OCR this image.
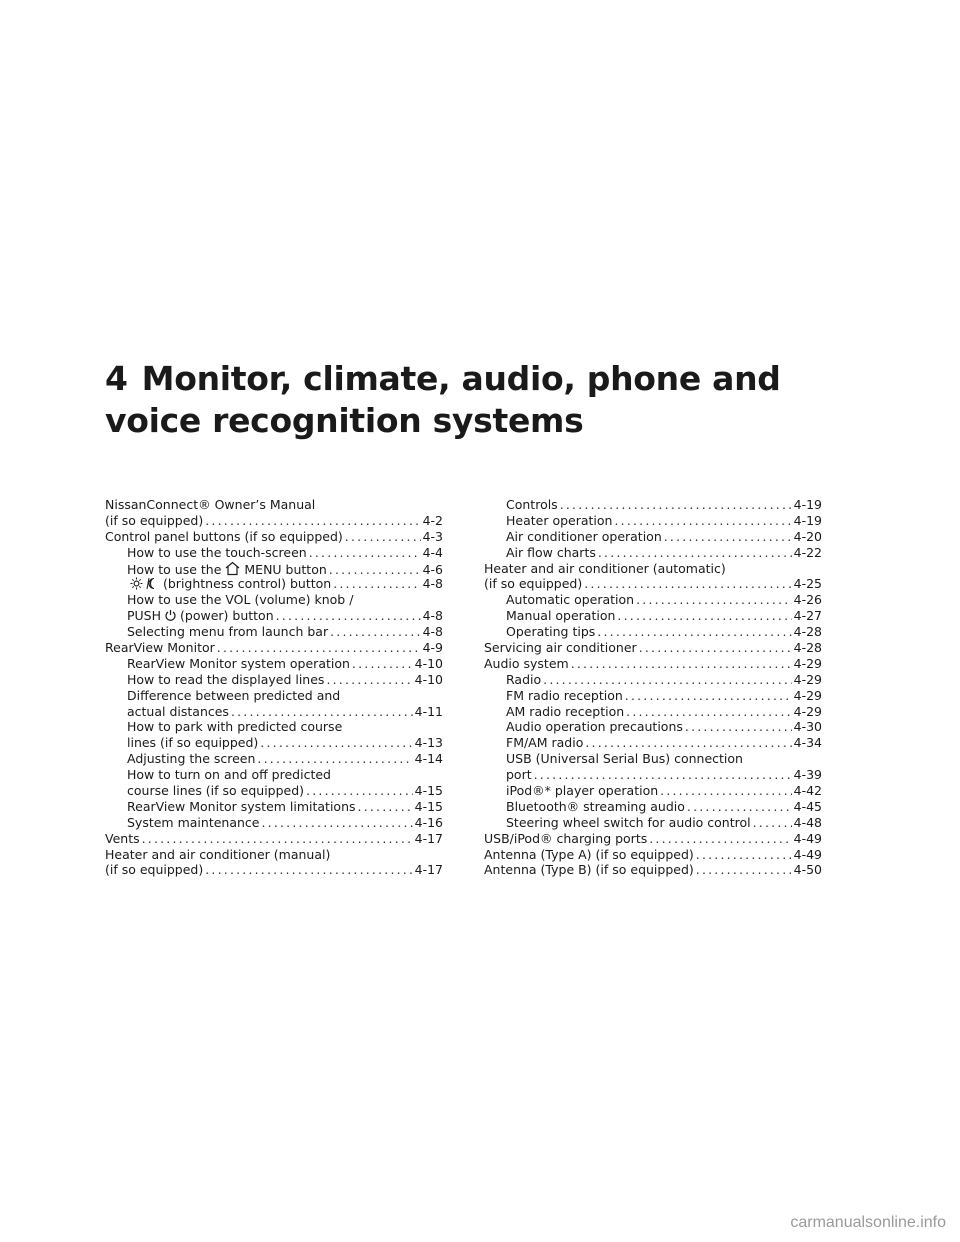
4 Monitor, climate, audio, phone and
voice recognition systems
NissanConnect® Owner’s Manual
(if so equipped) .....	4-2
Control panel buttons (if so equipped) .....	4-3
How to use the touch-screen .....	4-4
How to use the MENU button .....	4-6
(brightness control) button .....	4-8
How to use the VOL (volume) knob /
PUSH (power) button .....	4-8
Selecting menu from launch bar .....	4-8
RearView Monitor .....	4-9
RearView Monitor system operation .....	4-10
How to read the displayed lines .....	4-10
Difference between predicted and
actual distances .....	4-11
How to park with predicted course
lines (if so equipped) .....	4-13
Adjusting the screen .....	4-14
How to turn on and off predicted
course lines (if so equipped) .....	4-15
RearView Monitor system limitations .....	4-15
System maintenance .....	4-16
Vents .....	4-17
Heater and air conditioner (manual)
(if so equipped) .....	4-17
Controls .....	4-19
Heater operation .....	4-19
Air conditioner operation .....	4-20
Air flow charts .....	4-22
Heater and air conditioner (automatic)
(if so equipped) .....	4-25
Automatic operation .....	4-26
Manual operation .....	4-27
Operating tips .....	4-28
Servicing air conditioner .....	4-28
Audio system .....	4-29
Radio .....	4-29
FM radio reception .....	4-29
AM radio reception .....	4-29
Audio operation precautions .....	4-30
FM/AM radio .....	4-34
USB (Universal Serial Bus) connection
port .....	4-39
iPod®* player operation .....	4-42
Bluetooth® streaming audio .....	4-45
Steering wheel switch for audio control .....	4-48
USB/iPod® charging ports .....	4-49
Antenna (Type A) (if so equipped) .....	4-49
Antenna (Type B) (if so equipped) .....	4-50
carmanualsonline.info
